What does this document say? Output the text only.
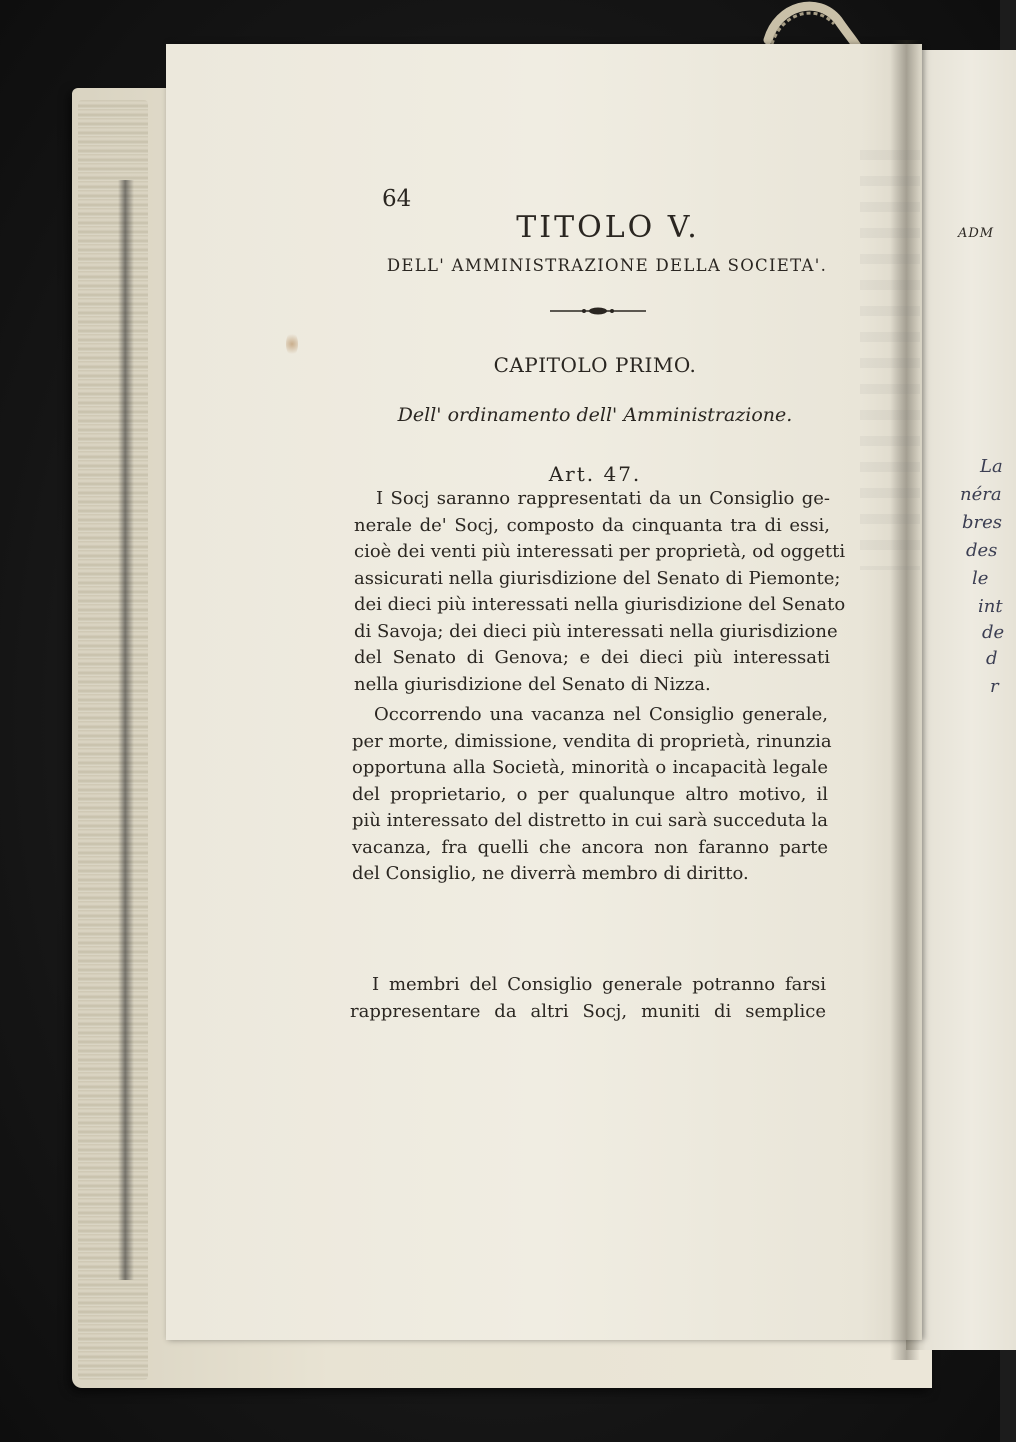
64
TITOLO V.
DELL' AMMINISTRAZIONE DELLA SOCIETA'.
CAPITOLO PRIMO.
Dell' ordinamento dell' Amministrazione.
Art. 47.
I Socj saranno rappresentati da un Consiglio ge-
nerale de' Socj, composto da cinquanta tra di essi,
cioè dei venti più interessati per proprietà, od oggetti
assicurati nella giurisdizione del Senato di Piemonte;
dei dieci più interessati nella giurisdizione del Senato
di Savoja; dei dieci più interessati nella giurisdizione
del Senato di Genova; e dei dieci più interessati
nella giurisdizione del Senato di Nizza.
Occorrendo una vacanza nel Consiglio generale,
per morte, dimissione, vendita di proprietà, rinunzia
opportuna alla Società, minorità o incapacità legale
del proprietario, o per qualunque altro motivo, il
più interessato del distretto in cui sarà succeduta la
vacanza, fra quelli che ancora non faranno parte
del Consiglio, ne diverrà membro di diritto.
I membri del Consiglio generale potranno farsi
rappresentare da altri Socj, muniti di semplice
ADM
La
néra
bres
des
le
int
de
d
r
